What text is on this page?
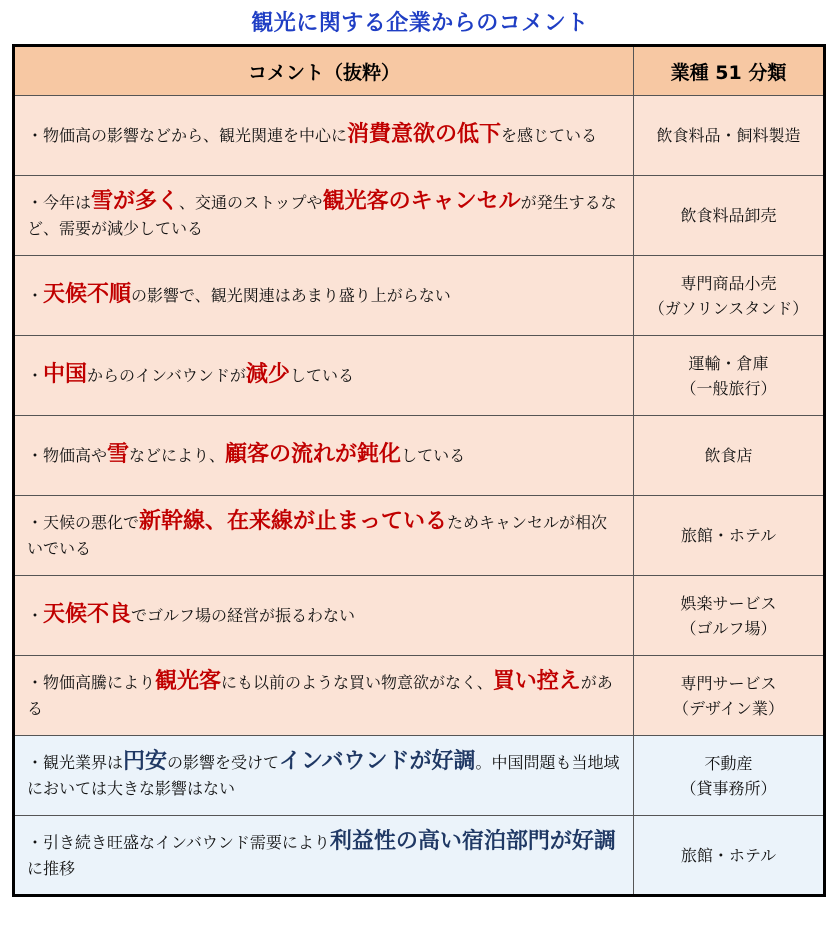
観光に関する企業からのコメント
コメント（抜粋）	業種 51 分類
・物価高の影響などから、観光関連を中心に消費意欲の低下を感じている	飲食料品・飼料製造

・今年は雪が多く、交通のストップや観光客のキャンセルが発生するなど、需要が減少している	飲食料品卸売

・天候不順の影響で、観光関連はあまり盛り上がらない	専門商品小売
（ガソリンスタンド）

・中国からのインバウンドが減少している	運輸・倉庫
（一般旅行）

・物価高や雪などにより、顧客の流れが鈍化している	飲食店

・天候の悪化で新幹線、在来線が止まっているためキャンセルが相次いでいる	旅館・ホテル

・天候不良でゴルフ場の経営が振るわない	娯楽サービス
（ゴルフ場）

・物価高騰により観光客にも以前のような買い物意欲がなく、買い控えがある	専門サービス
（デザイン業）

・観光業界は円安の影響を受けてインバウンドが好調。中国問題も当地域においては大きな影響はない	不動産
（貸事務所）

・引き続き旺盛なインバウンド需要により利益性の高い宿泊部門が好調に推移	旅館・ホテル
